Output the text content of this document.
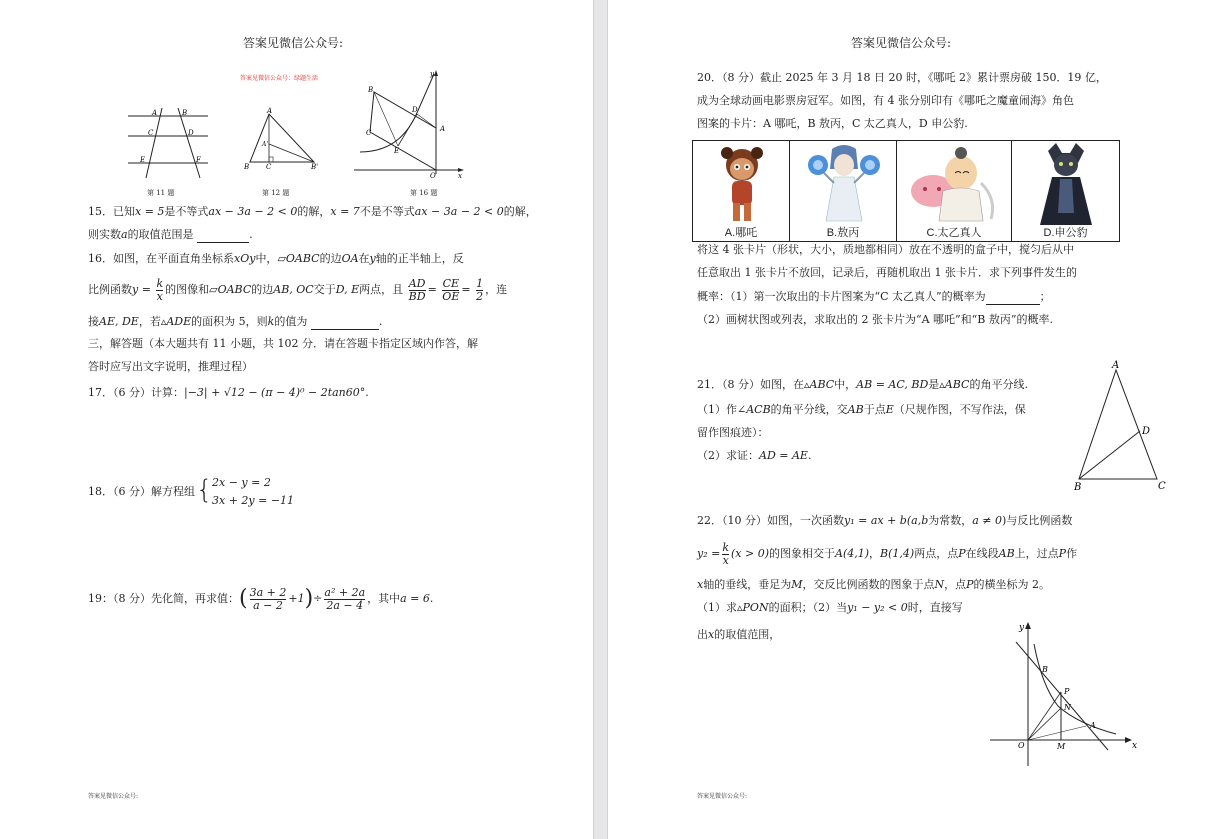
答案见微信公众号:
答案见微信公众号：绿题生活
A	B
C	D
E	F
第 11 题
A
A'
B C	B'
第 12 题
B
D
C
E
A
O	x
y
第 16 题
15．已知x = 5是不等式ax − 3a − 2 < 0的解，x = 7不是不等式ax − 3a − 2 < 0的解，
则实数a的取值范围是	.
16．如图，在平面直角坐标系xOy中，▱OABC的边OA在y轴的正半轴上，反
比例函数$y = \frac{k}{x}$ 的图像和▱OABC的边AB, OC交于D, E两点，且 $\frac{AD}{BD} = \frac{CE}{OE} = \frac{1}{2}$ ，连
接AE, DE，若▵ADE的面积为 5，则k的值为	.
三，解答题（本大题共有 11 小题，共 102 分．请在答题卡指定区域内作答，解
答时应写出文字说明，推理过程）
17．（6 分）计算：|−3| + √12 − (π − 4)⁰ − 2tan60°.
18．（6 分）解方程组 { 2x − y = 2
3x + 2y = −11
19：（8 分）先化简，再求值：( $\frac{3a + 2}{a - 2} +1)\div \frac{\text{a² + 2a}}{2a - 4}$ ，其中a = 6.
答案见微信公众号:
答案见微信公众号:
20．（8 分）截止 2025 年 3 月 18 日 20 时，《哪吒 2》累计票房破 150．19 亿，
成为全球动画电影票房冠军。如图，有 4 张分别印有《哪吒之魔童闹海》角色
图案的卡片：A 哪吒，B 敖丙，C 太乙真人，D 申公豹.
A.哪吒	B.敖丙	C.太乙真人	D.申公豹
将这 4 张卡片（形状，大小，质地都相同）放在不透明的盒子中，搅匀后从中
任意取出 1 张卡片不放回，记录后，再随机取出 1 张卡片．求下列事件发生的
概率：（1）第一次取出的卡片图案为“C 太乙真人”的概率为	；
（2）画树状图或列表，求取出的 2 张卡片为“A 哪吒”和“B 敖丙”的概率.
21．（8 分）如图，在▵ABC中，AB = AC, BD是▵ABC的角平分线.
（1）作∠ACB的角平分线，交AB于点E（尺规作图，不写作法，保
留作图痕迹）：
（2）求证：AD = AE.
A
D
B	C
22．（10 分）如图，一次函数y₁ = ax + b(a,b为常数，a ≠ 0)与反比例函数
$y_2 = \frac{k}{x} (x > 0)$的图象相交于A(4,1)，B(1,4)两点，点P在线段AB上，过点P作
x轴的垂线，垂足为M，交反比例函数的图象于点N，点P的横坐标为 2。
（1）求▵PON的面积；（2）当y₁ − y₂ < 0时，直接写
出x的取值范围，	y
B
P
N
A
O	M	x
答案见微信公众号:
